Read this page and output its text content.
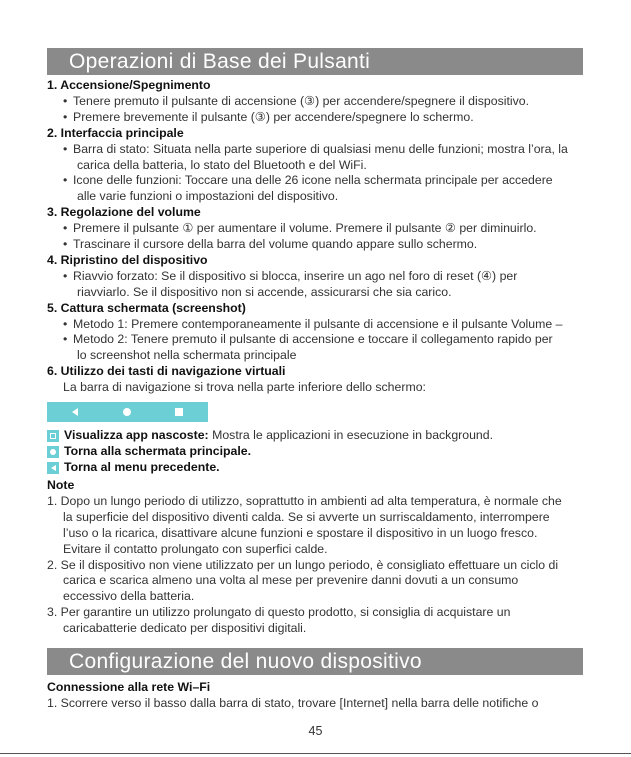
Operazioni di Base dei Pulsanti
1. Accensione/Spegnimento
• Tenere premuto il pulsante di accensione (③) per accendere/spegnere il dispositivo.
• Premere brevemente il pulsante (③) per accendere/spegnere lo schermo.
2. Interfaccia principale
• Barra di stato: Situata nella parte superiore di qualsiasi menu delle funzioni; mostra l’ora, la
carica della batteria, lo stato del Bluetooth e del WiFi.
• Icone delle funzioni: Toccare una delle 26 icone nella schermata principale per accedere
alle varie funzioni o impostazioni del dispositivo.
3. Regolazione del volume
• Premere il pulsante ① per aumentare il volume. Premere il pulsante ② per diminuirlo.
• Trascinare il cursore della barra del volume quando appare sullo schermo.
4. Ripristino del dispositivo
• Riavvio forzato: Se il dispositivo si blocca, inserire un ago nel foro di reset (④) per
riavviarlo. Se il dispositivo non si accende, assicurarsi che sia carico.
5. Cattura schermata (screenshot)
• Metodo 1: Premere contemporaneamente il pulsante di accensione e il pulsante Volume –
• Metodo 2: Tenere premuto il pulsante di accensione e toccare il collegamento rapido per
lo screenshot nella schermata principale
6. Utilizzo dei tasti di navigazione virtuali
La barra di navigazione si trova nella parte inferiore dello schermo:
Visualizza app nascoste: Mostra le applicazioni in esecuzione in background.
Torna alla schermata principale.
Torna al menu precedente.
Note
1. Dopo un lungo periodo di utilizzo, soprattutto in ambienti ad alta temperatura, è normale che
la superficie del dispositivo diventi calda. Se si avverte un surriscaldamento, interrompere
l’uso o la ricarica, disattivare alcune funzioni e spostare il dispositivo in un luogo fresco.
Evitare il contatto prolungato con superfici calde.
2. Se il dispositivo non viene utilizzato per un lungo periodo, è consigliato effettuare un ciclo di
carica e scarica almeno una volta al mese per prevenire danni dovuti a un consumo
eccessivo della batteria.
3. Per garantire un utilizzo prolungato di questo prodotto, si consiglia di acquistare un
caricabatterie dedicato per dispositivi digitali.
Configurazione del nuovo dispositivo
Connessione alla rete Wi–Fi
1. Scorrere verso il basso dalla barra di stato, trovare [Internet] nella barra delle notifiche o
45
